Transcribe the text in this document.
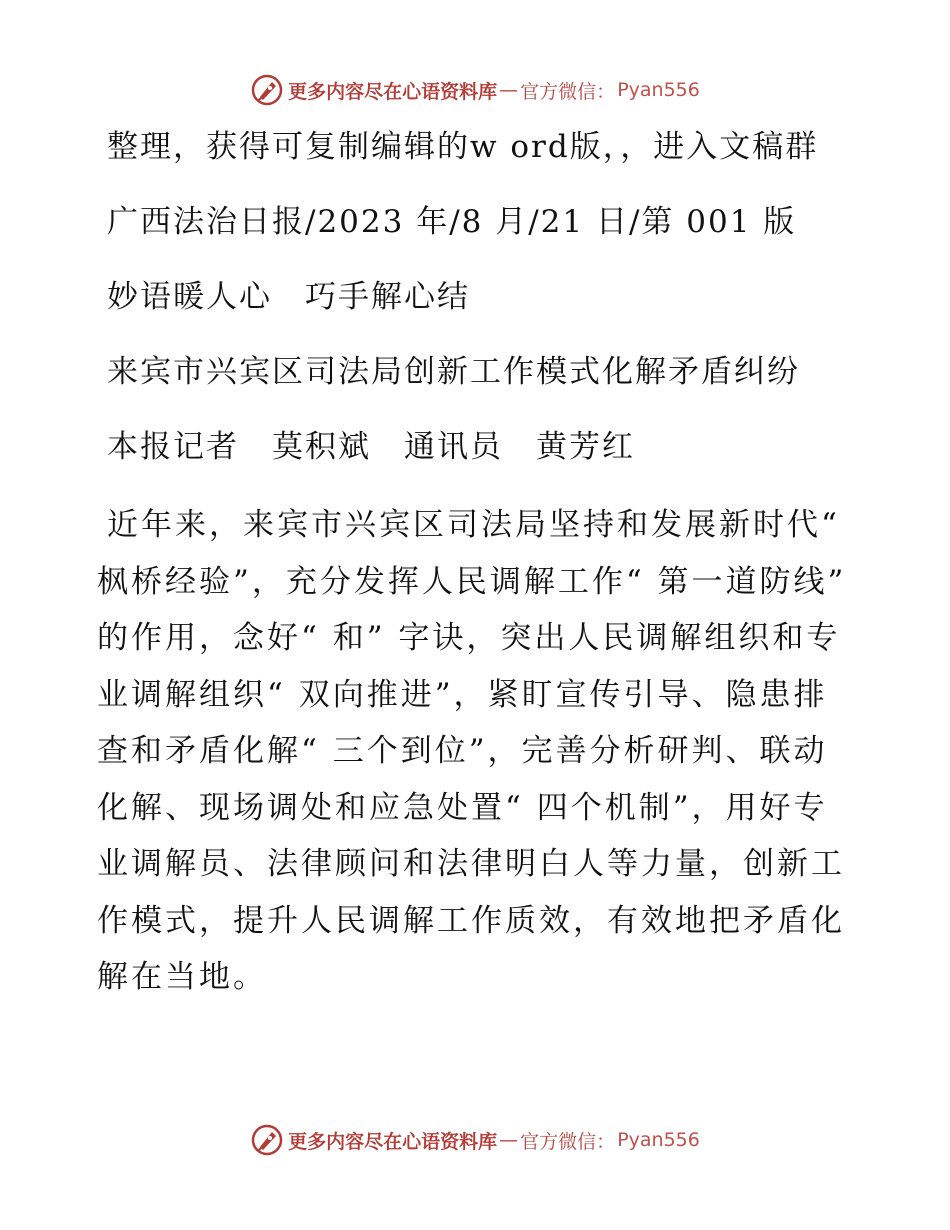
更多内容尽在心语资料库 — 官方微信： Pyan556

整理，获得可复制编辑的w ord版，，进入文稿群

广西法治日报/2023 年/8 月/21 日/第 001 版

妙语暖人心　巧手解心结

来宾市兴宾区司法局创新工作模式化解矛盾纠纷

本报记者　莫积斌　通讯员　黄芳红

近年来，来宾市兴宾区司法局坚持和发展新时代“ 枫桥经验”，充分发挥人民调解工作“ 第一道防线” 的作用，念好“ 和” 字诀，突出人民调解组织和专业调解组织“ 双向推进”，紧盯宣传引导、隐患排查和矛盾化解“ 三个到位”，完善分析研判、联动化解、现场调处和应急处置“ 四个机制”，用好专业调解员、法律顾问和法律明白人等力量，创新工作模式，提升人民调解工作质效，有效地把矛盾化解在当地。

更多内容尽在心语资料库 — 官方微信： Pyan556
